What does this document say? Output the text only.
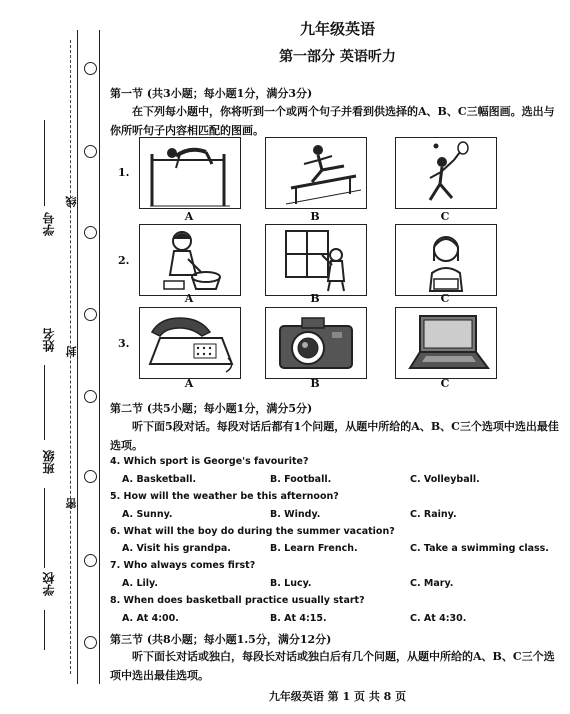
学号
姓名
班级
学校
线
封
密
九年级英语
第一部分 英语听力
第一节 (共3小题；每小题1分，满分3分)
在下列每小题中，你将听到一个或两个句子并看到供选择的A、B、C三幅图画。选出与你所听句子内容相匹配的图画。
1.
A	B	C
2.
A	B	C
3.
A	B	C
第二节 (共5小题；每小题1分，满分5分)
听下面5段对话。每段对话后都有1个问题，从题中所给的A、B、C三个选项中选出最佳选项。
4. Which sport is George's favourite?
A. Basketball.	B. Football.	C. Volleyball.
5. How will the weather be this afternoon?
A. Sunny.	B. Windy.	C. Rainy.
6. What will the boy do during the summer vacation?
A. Visit his grandpa.	B. Learn French.	C. Take a swimming class.
7. Who always comes first?
A. Lily.	B. Lucy.	C. Mary.
8. When does basketball practice usually start?
A. At 4:00.	B. At 4:15.	C. At 4:30.
第三节 (共8小题；每小题1.5分，满分12分)
听下面长对话或独白，每段长对话或独白后有几个问题，从题中所给的A、B、C三个选项中选出最佳选项。
九年级英语 第 1 页 共 8 页
